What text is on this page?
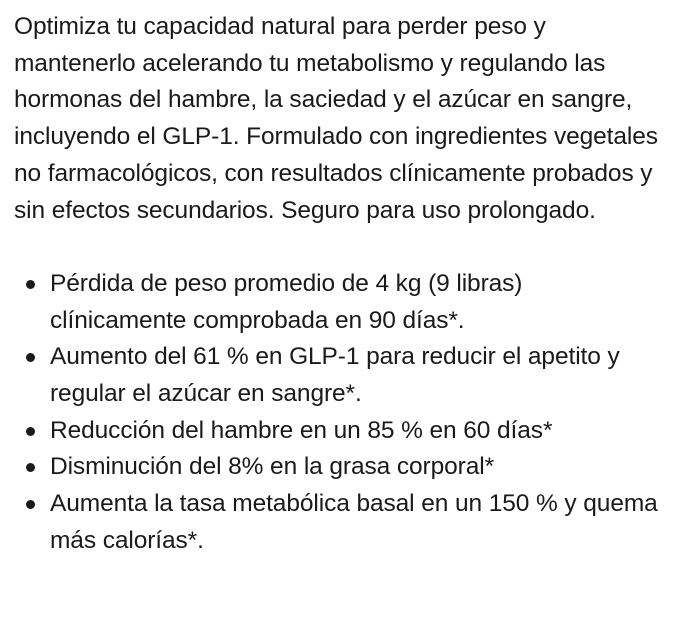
Optimiza tu capacidad natural para perder peso y mantenerlo acelerando tu metabolismo y regulando las hormonas del hambre, la saciedad y el azúcar en sangre, incluyendo el GLP-1. Formulado con ingredientes vegetales no farmacológicos, con resultados clínicamente probados y sin efectos secundarios. Seguro para uso prolongado.

Pérdida de peso promedio de 4 kg (9 libras) clínicamente comprobada en 90 días*.
Aumento del 61 % en GLP-1 para reducir el apetito y regular el azúcar en sangre*.
Reducción del hambre en un 85 % en 60 días*
Disminución del 8% en la grasa corporal*
Aumenta la tasa metabólica basal en un 150 % y quema más calorías*.
